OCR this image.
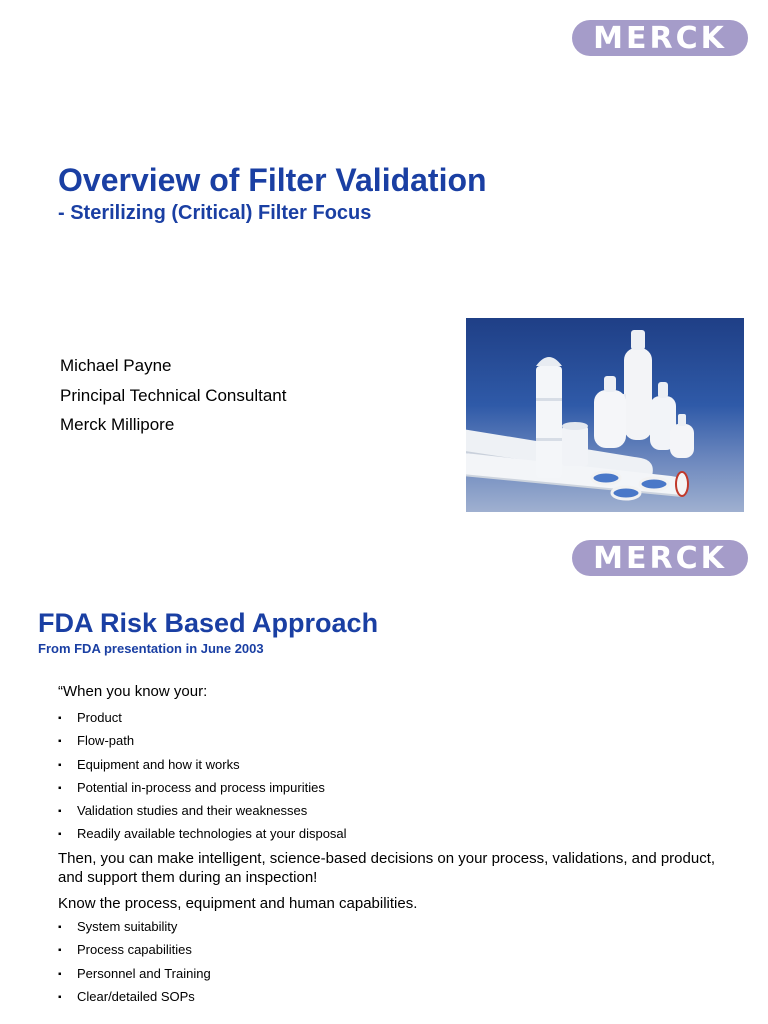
MERCK
Overview of Filter Validation
- Sterilizing (Critical) Filter Focus
Michael Payne
Principal Technical Consultant
Merck Millipore
MERCK
FDA Risk Based Approach
From FDA presentation in June 2003

“When you know your:

▪ Product
▪ Flow-path
▪ Equipment and how it works
▪ Potential in-process and process impurities
▪ Validation studies and their weaknesses
▪ Readily available technologies at your disposal

Then, you can make intelligent, science-based decisions on your process, validations, and product, and support them during an inspection!

Know the process, equipment and human capabilities.

▪ System suitability
▪ Process capabilities
▪ Personnel and Training
▪ Clear/detailed SOPs
